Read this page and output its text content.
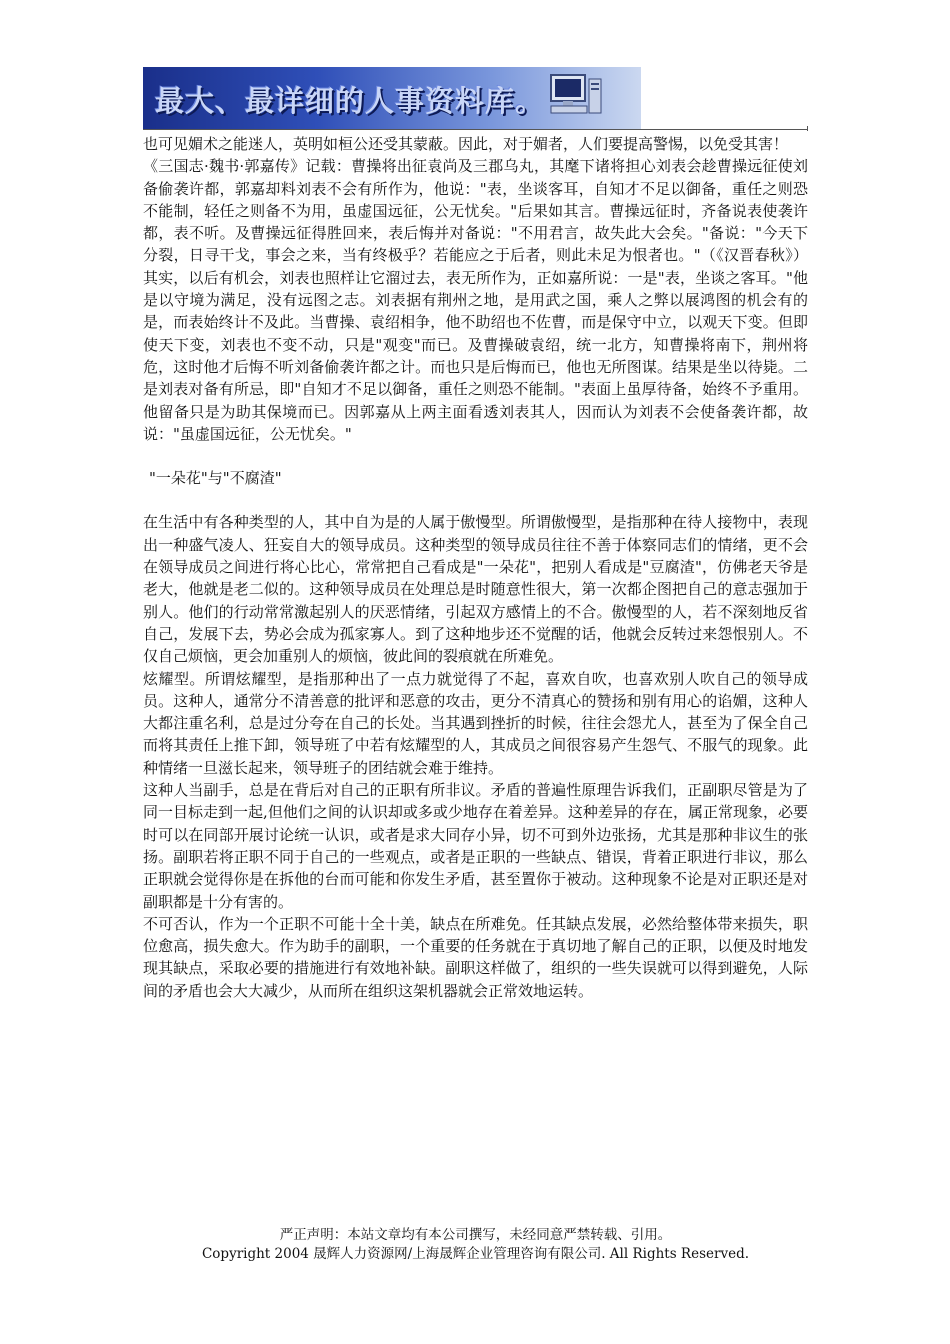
最大、最详细的人事资料库。

也可见媚术之能迷人，英明如桓公还受其蒙蔽。因此，对于媚者，人们要提高警惕，以免受其害！

《三国志·魏书·郭嘉传》记载：曹操将出征袁尚及三郡乌丸，其麾下诸将担心刘表会趁曹操远征使刘备偷袭许都，郭嘉却料刘表不会有所作为，他说："表，坐谈客耳，自知才不足以御备，重任之则恐不能制，轻任之则备不为用，虽虚国远征，公无忧矣。"后果如其言。曹操远征时，齐备说表使袭许都，表不听。及曹操远征得胜回来，表后悔并对备说："不用君言，故失此大会矣。"备说："今天下分裂，日寻干戈，事会之来，当有终极乎？若能应之于后者，则此未足为恨者也。"（《汉晋春秋》）其实，以后有机会，刘表也照样让它溜过去，表无所作为，正如嘉所说：一是"表，坐谈之客耳。"他是以守境为满足，没有远图之志。刘表据有荆州之地，是用武之国，乘人之弊以展鸿图的机会有的是，而表始终计不及此。当曹操、袁绍相争，他不助绍也不佐曹，而是保守中立，以观天下变。但即使天下变，刘表也不变不动，只是"观变"而已。及曹操破袁绍，统一北方，知曹操将南下，荆州将危，这时他才后悔不听刘备偷袭许都之计。而也只是后悔而已，他也无所图谋。结果是坐以待毙。二是刘表对备有所忌，即"自知才不足以御备，重任之则恐不能制。"表面上虽厚待备，始终不予重用。他留备只是为助其保境而已。因郭嘉从上两主面看透刘表其人，因而认为刘表不会使备袭许都，故说："虽虚国远征，公无忧矣。"

"一朵花"与"不腐渣"

在生活中有各种类型的人，其中自为是的人属于傲慢型。所谓傲慢型，是指那种在待人接物中，表现出一种盛气凌人、狂妄自大的领导成员。这种类型的领导成员往往不善于体察同志们的情绪，更不会在领导成员之间进行将心比心，常常把自己看成是"一朵花"，把别人看成是"豆腐渣"，仿佛老天爷是老大，他就是老二似的。这种领导成员在处理总是时随意性很大，第一次都企图把自己的意志强加于别人。他们的行动常常激起别人的厌恶情绪，引起双方感情上的不合。傲慢型的人，若不深刻地反省自己，发展下去，势必会成为孤家寡人。到了这种地步还不觉醒的话，他就会反转过来怨恨别人。不仅自己烦恼，更会加重别人的烦恼，彼此间的裂痕就在所难免。

炫耀型。所谓炫耀型，是指那种出了一点力就觉得了不起，喜欢自吹，也喜欢别人吹自己的领导成员。这种人，通常分不清善意的批评和恶意的攻击，更分不清真心的赞扬和别有用心的谄媚，这种人大都注重名利，总是过分夸在自己的长处。当其遇到挫折的时候，往往会怨尤人，甚至为了保全自己而将其责任上推下卸，领导班了中若有炫耀型的人，其成员之间很容易产生怨气、不服气的现象。此种情绪一旦滋长起来，领导班子的团结就会难于维持。

这种人当副手，总是在背后对自己的正职有所非议。矛盾的普遍性原理告诉我们，正副职尽管是为了同一目标走到一起,但他们之间的认识却或多或少地存在着差异。这种差异的存在，属正常现象，必要时可以在同部开展讨论统一认识，或者是求大同存小异，切不可到外边张扬，尤其是那种非议生的张扬。副职若将正职不同于自己的一些观点，或者是正职的一些缺点、错误，背着正职进行非议，那么正职就会觉得你是在拆他的台而可能和你发生矛盾，甚至置你于被动。这种现象不论是对正职还是对副职都是十分有害的。

不可否认，作为一个正职不可能十全十美，缺点在所难免。任其缺点发展，必然给整体带来损失，职位愈高，损失愈大。作为助手的副职，一个重要的任务就在于真切地了解自己的正职，以便及时地发现其缺点，采取必要的措施进行有效地补缺。副职这样做了，组织的一些失误就可以得到避免，人际间的矛盾也会大大减少，从而所在组织这架机器就会正常效地运转。

严正声明：本站文章均有本公司撰写，未经同意严禁转载、引用。
Copyright 2004 晟辉人力资源网/上海晟辉企业管理咨询有限公司. All Rights Reserved.
